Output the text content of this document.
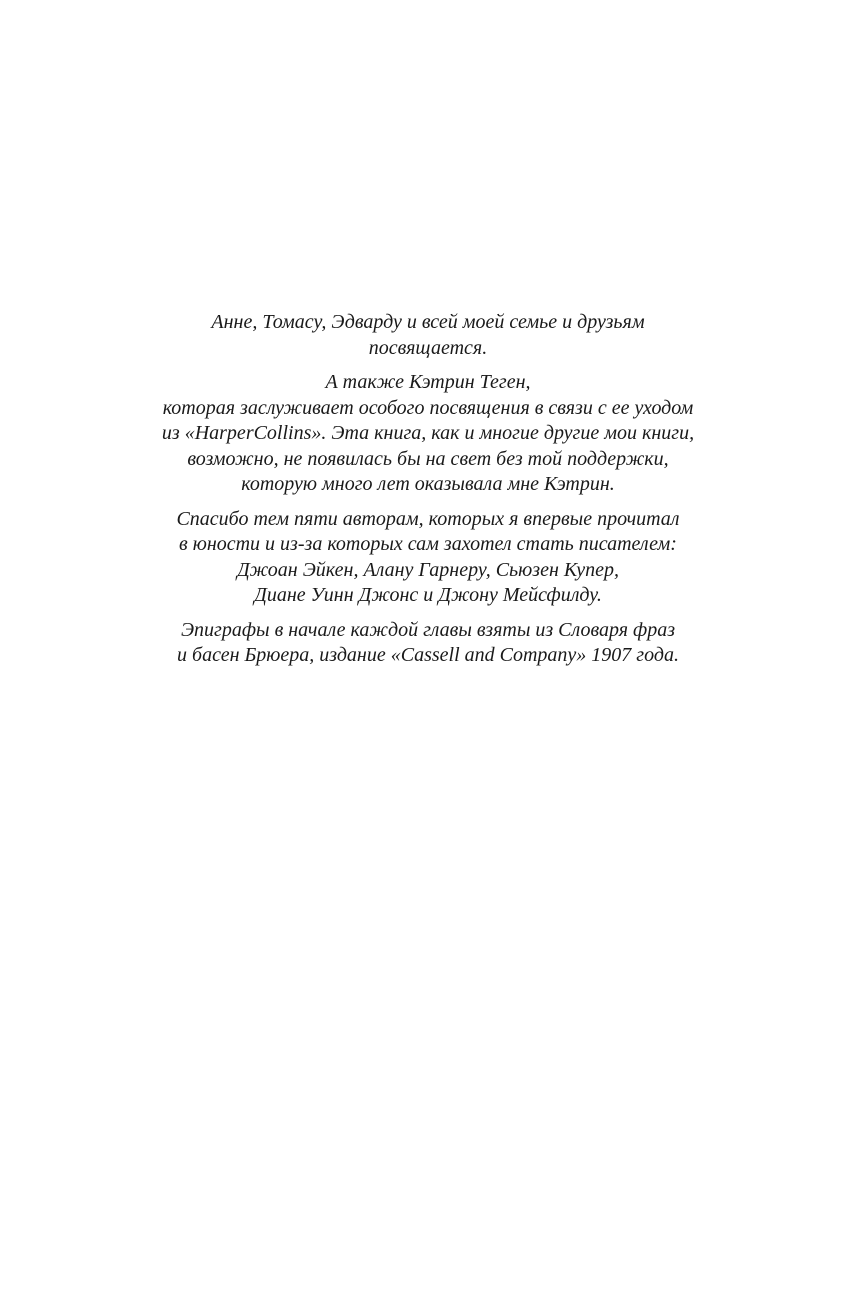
Анне, Томасу, Эдварду и всей моей семье и друзьям
посвящается.

А также Кэтрин Теген,
которая заслуживает особого посвящения в связи с ее уходом
из «HarperCollins». Эта книга, как и многие другие мои книги,
возможно, не появилась бы на свет без той поддержки,
которую много лет оказывала мне Кэтрин.

Спасибо тем пяти авторам, которых я впервые прочитал
в юности и из-за которых сам захотел стать писателем:
Джоан Эйкен, Алану Гарнеру, Сьюзен Купер,
Диане Уинн Джонс и Джону Мейсфилду.

Эпиграфы в начале каждой главы взяты из Словаря фраз
и басен Брюера, издание «Cassell and Company» 1907 года.
